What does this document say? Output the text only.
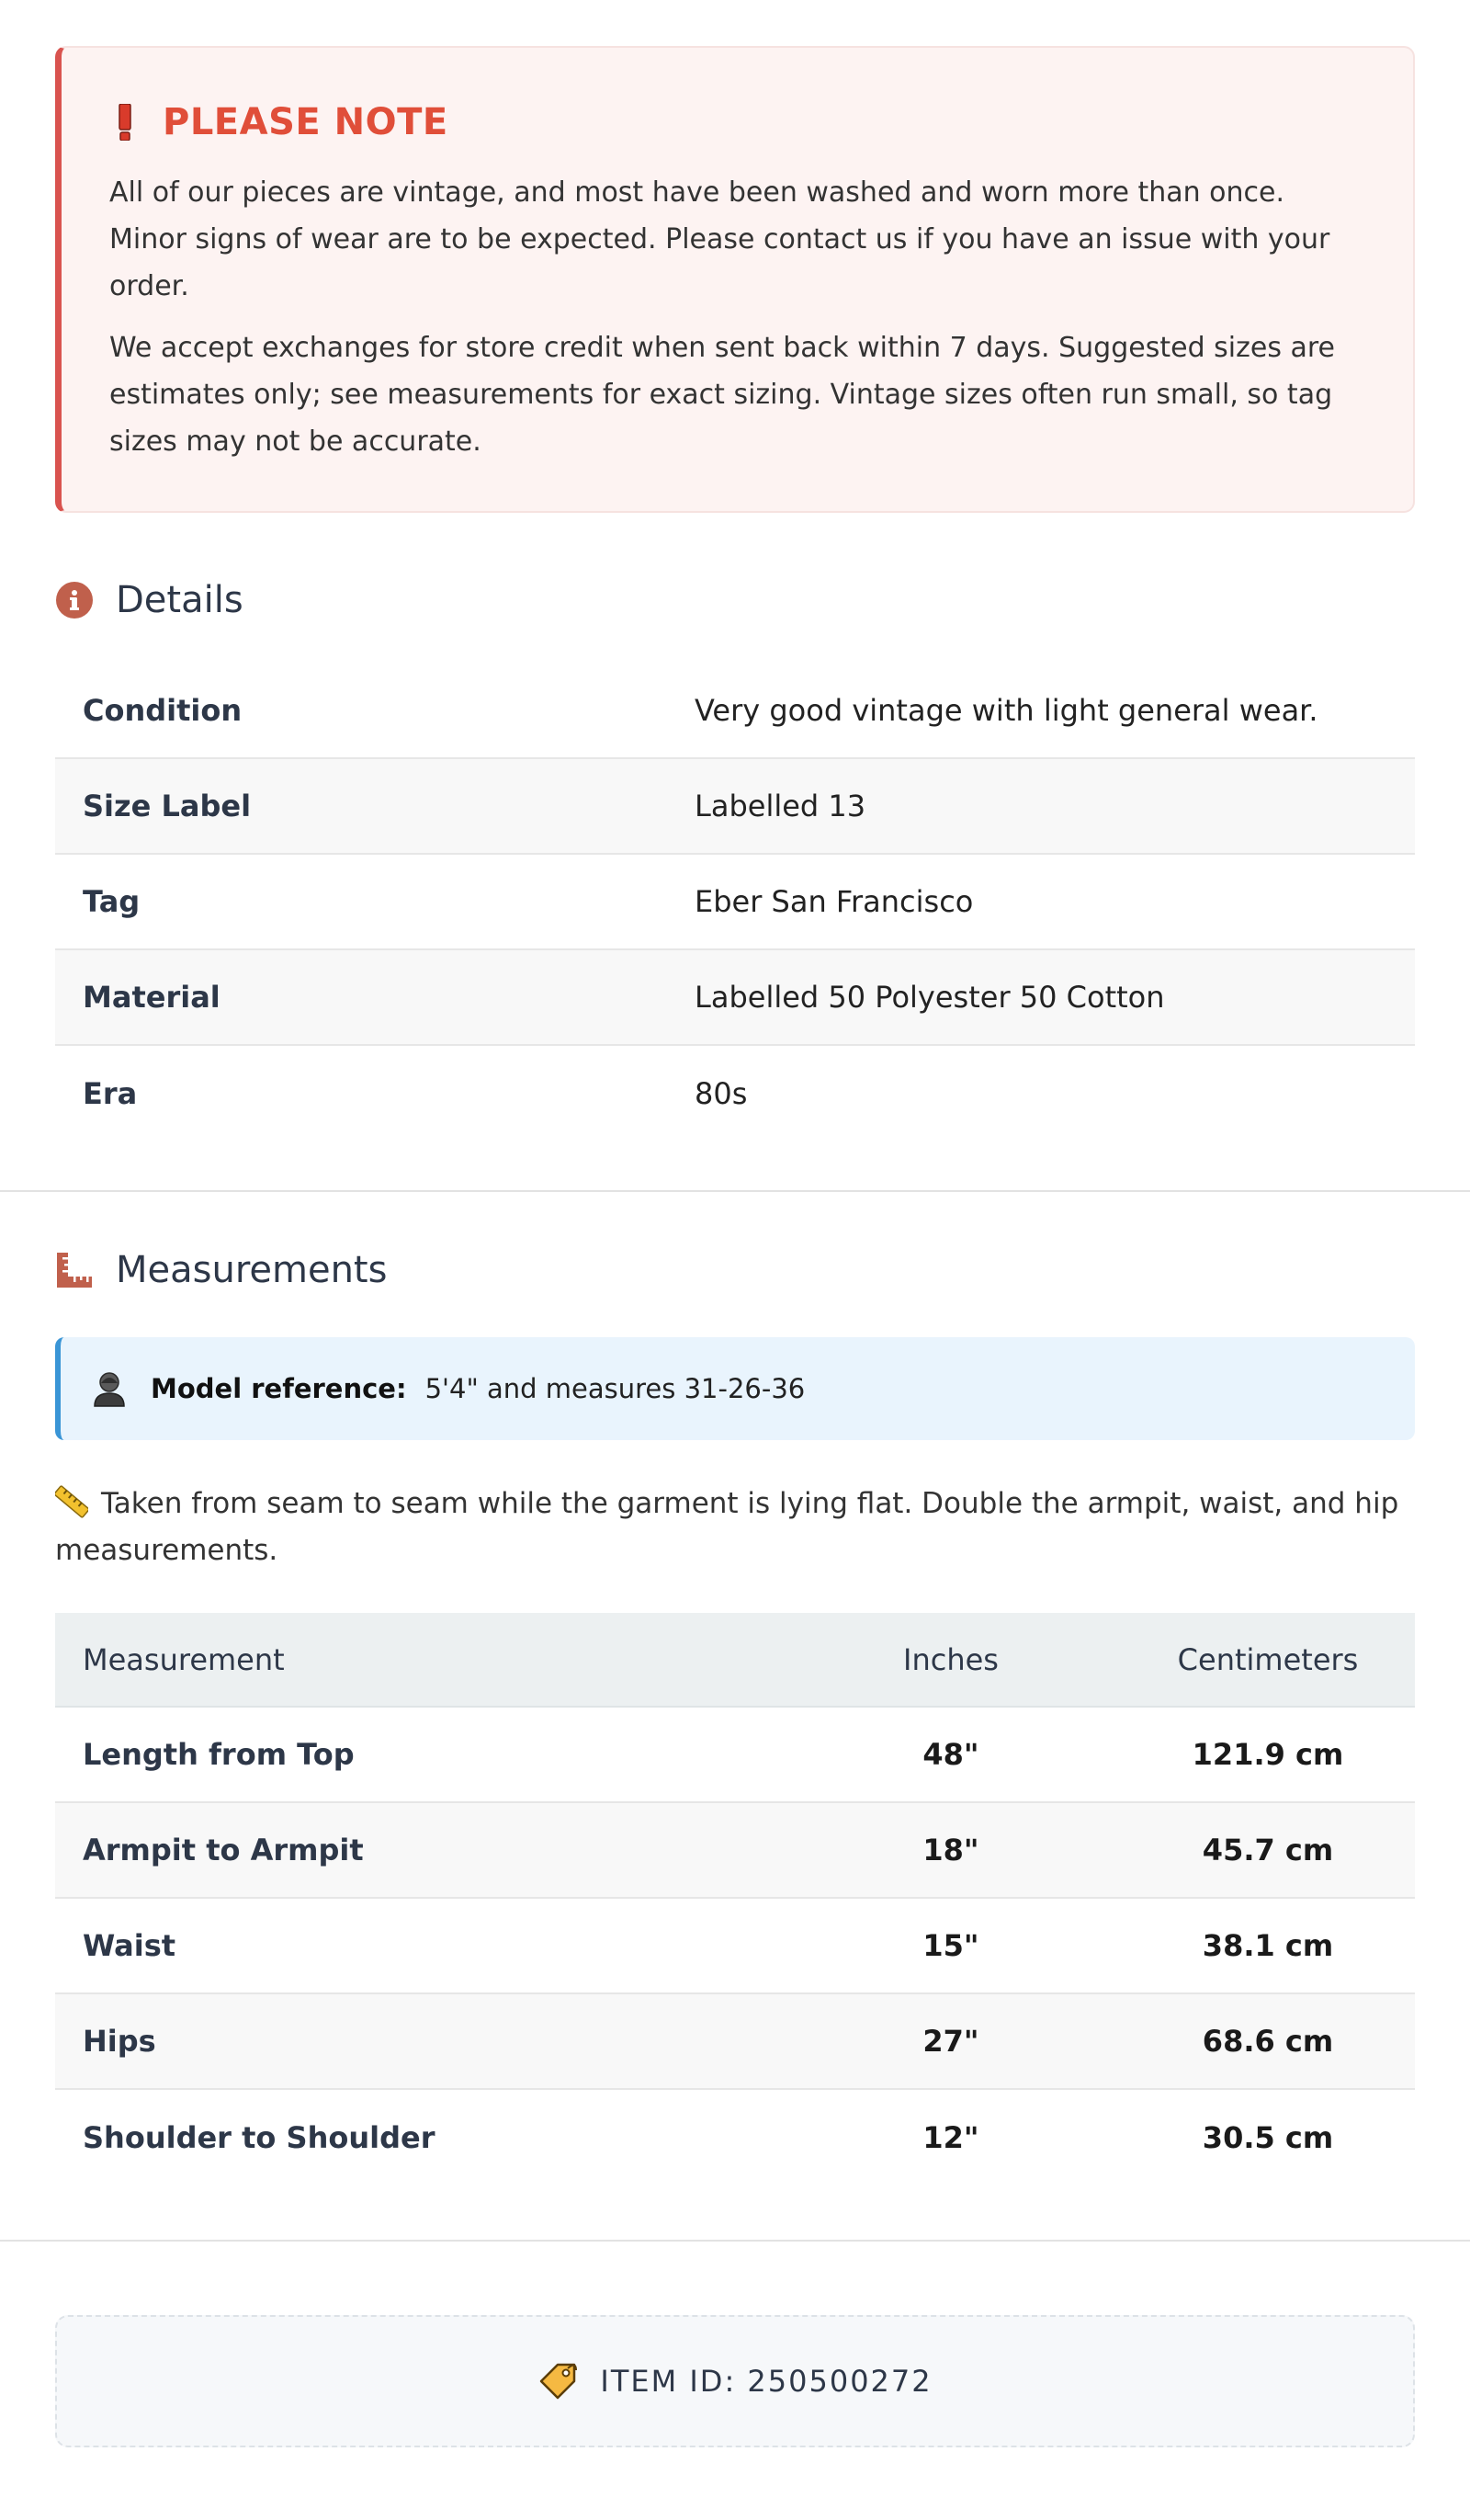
PLEASE NOTE

All of our pieces are vintage, and most have been washed and worn more than once. Minor signs of wear are to be expected. Please contact us if you have an issue with your order.

We accept exchanges for store credit when sent back within 7 days. Suggested sizes are estimates only; see measurements for exact sizing. Vintage sizes often run small, so tag sizes may not be accurate.

Details
Condition	Very good vintage with light general wear.
Size Label	Labelled 13
Tag	Eber San Francisco
Material	Labelled 50 Polyester 50 Cotton
Era	80s
Measurements
Model reference: 5'4" and measures 31-26-36

Taken from seam to seam while the garment is lying flat. Double the armpit, waist, and hip measurements.

Measurement	Inches	Centimeters
Length from Top	48"	121.9 cm
Armpit to Armpit	18"	45.7 cm
Waist	15"	38.1 cm
Hips	27"	68.6 cm
Shoulder to Shoulder	12"	30.5 cm
ITEM ID: 250500272
